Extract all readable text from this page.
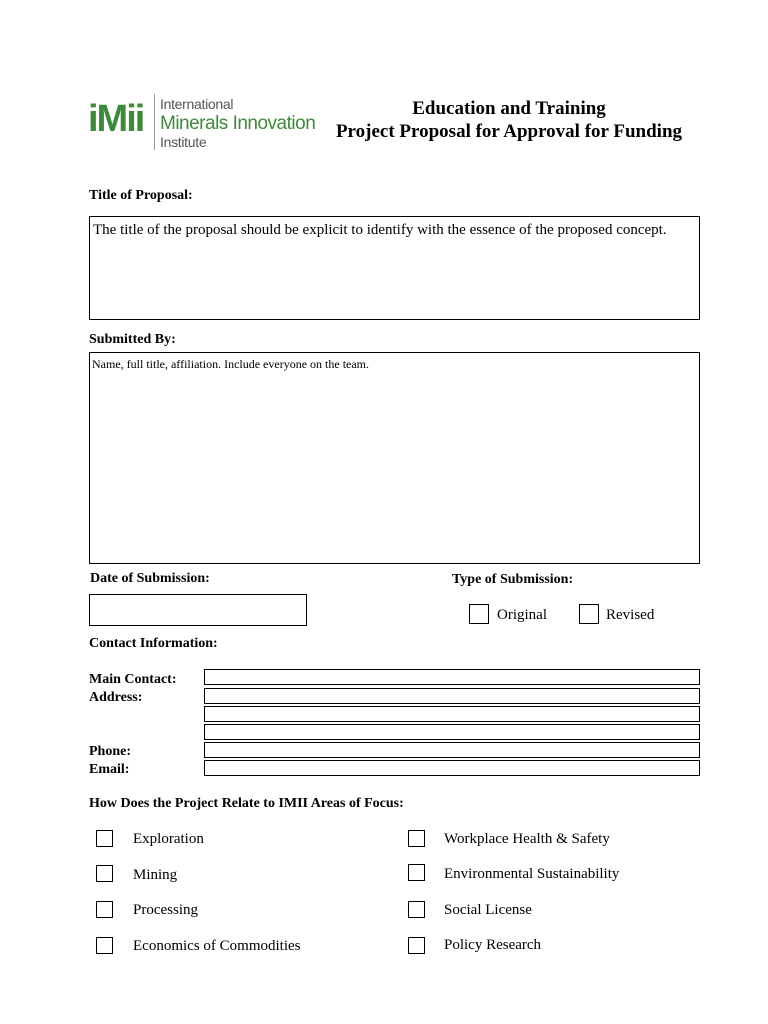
iMii International
Minerals Innovation
Institute
Education and Training
Project Proposal for Approval for Funding
Title of Proposal:
The title of the proposal should be explicit to identify with the essence of the proposed concept.
Submitted By:
Name, full title, affiliation. Include everyone on the team.
Date of Submission:	Type of Submission:
Original	Revised
Contact Information:
Main Contact:
Address:
Phone:
Email:
How Does the Project Relate to IMII Areas of Focus:
Exploration
Mining
Processing
Economics of Commodities
Workplace Health & Safety
Environmental Sustainability
Social License
Policy Research
